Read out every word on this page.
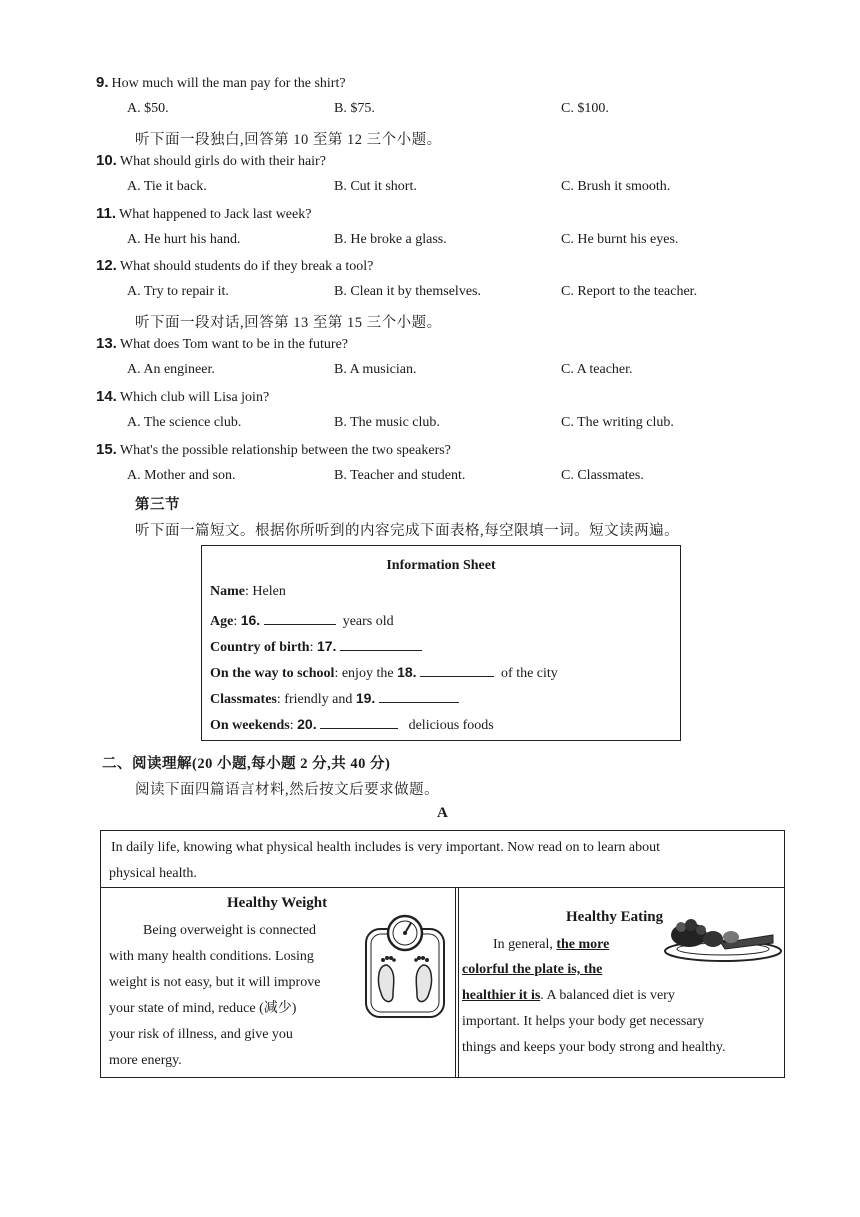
9. How much will the man pay for the shirt?
A. $50.	B. $75.	C. $100.
10. What should girls do with their hair?
A. Tie it back.	B. Cut it short.	C. Brush it smooth.
11. What happened to Jack last week?
A. He hurt his hand.	B. He broke a glass.	C. He burnt his eyes.
12. What should students do if they break a tool?
A. Try to repair it.	B. Clean it by themselves.	C. Report to the teacher.
13. What does Tom want to be in the future?
A. An engineer.	B. A musician.	C. A teacher.
14. Which club will Lisa join?
A. The science club.	B. The music club.	C. The writing club.
15. What's the possible relationship between the two speakers?
A. Mother and son.	B. Teacher and student.	C. Classmates.
听下面一段独白,回答第 10 至第 12 三个小题。
听下面一段对话,回答第 13 至第 15 三个小题。
第三节
听下面一篇短文。根据你所听到的内容完成下面表格,每空限填一词。短文读两遍。
Information Sheet
Name: Helen
Age: 16.	years old
Country of birth: 17.
On the way to school: enjoy the 18.	of the city
Classmates: friendly and 19.
On weekends: 20.	delicious foods
二、阅读理解(20 小题,每小题 2 分,共 40 分)
阅读下面四篇语言材料,然后按文后要求做题。
A
In daily life, knowing what physical health includes is very important. Now read on to learn about
physical health.
Healthy Weight
Being overweight is connected
with many health conditions. Losing
weight is not easy, but it will improve
your state of mind, reduce (减少)
your risk of illness, and give you
more energy.
Healthy Eating
In general, the more
colorful the plate is, the
healthier it is. A balanced diet is very
important. It helps your body get necessary
things and keeps your body strong and healthy.
